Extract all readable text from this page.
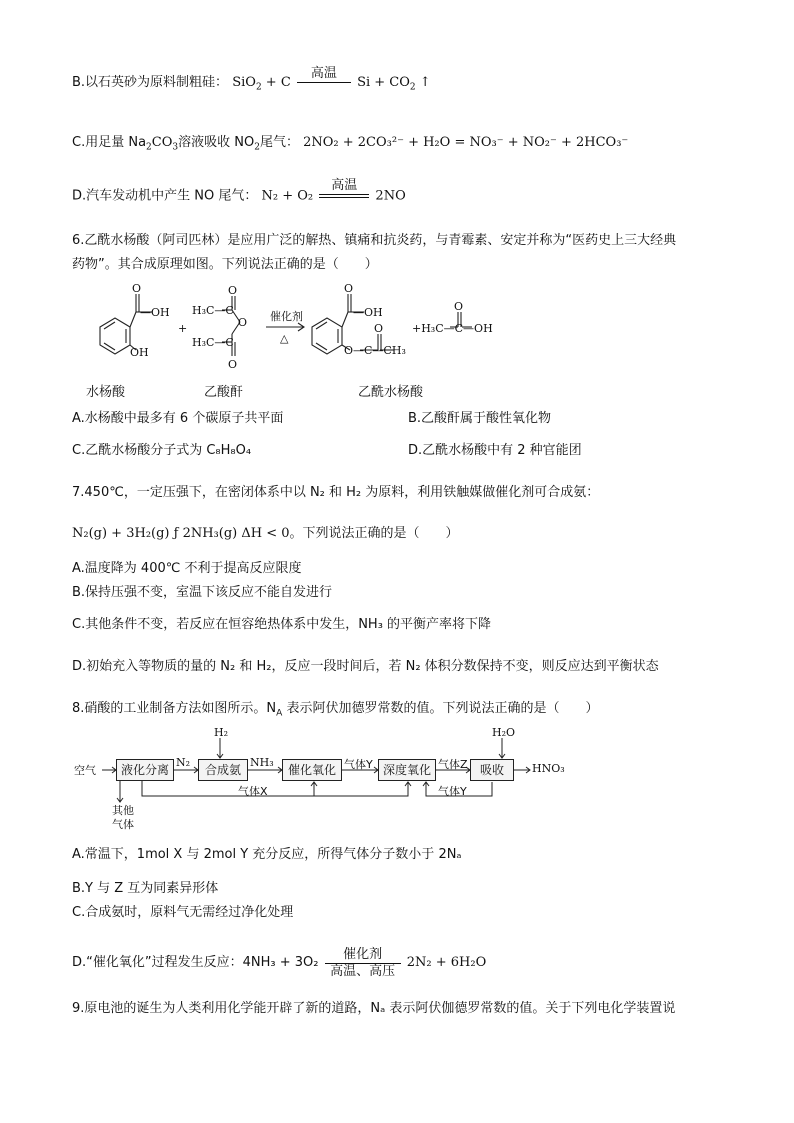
B.以石英砂为原料制粗硅： SiO$_2$ + C
高温
$Si + CO_2$ ↑
C.用足量 $Na_2CO_3$溶液吸收 $NO_2$尾气： 2NO₂ + 2CO₃²⁻ + H₂O = NO₃⁻ + NO₂⁻ + 2HCO₃⁻
D.汽车发动机中产生 NO 尾气： N₂ + O₂
高温
2NO
6.乙酰水杨酸（阿司匹林）是应用广泛的解热、镇痛和抗炎药，与青霉素、安定并称为“医药史上三大经典
药物”。其合成原理如图。下列说法正确的是（　　）
O
—OH
OH
+
O
H₃C—C
O
H₃C—C
O
O
—OH
O—C—CH₃
O	+H₃C—C—OH
O
催化剂
△
水杨酸	乙酸酐	乙酰水杨酸
A.水杨酸中最多有 6 个碳原子共平面	B.乙酸酐属于酸性氧化物
C.乙酰水杨酸分子式为 C₈H₈O₄	D.乙酰水杨酸中有 2 种官能团
7.450℃，一定压强下，在密闭体系中以 N₂ 和 H₂ 为原料，利用铁触媒做催化剂可合成氨：
N₂(g) + 3H₂(g) ƒ 2NH₃(g) ΔH < 0。下列说法正确的是（　　）
A.温度降为 400℃ 不利于提高反应限度
B.保持压强不变，室温下该反应不能自发进行
C.其他条件不变，若反应在恒容绝热体系中发生，NH₃ 的平衡产率将下降
D.初始充入等物质的量的 N₂ 和 H₂，反应一段时间后，若 N₂ 体积分数保持不变，则反应达到平衡状态
8.硝酸的工业制备方法如图所示。$N_A$ 表示阿伏加德罗常数的值。下列说法正确的是（　　）
液化分离	合成氨	催化氧化	深度氧化	吸收
空气
N₂
H₂
NH₃	气体Y	气体Z
H₂O
HNO₃
气体X	气体Y
其他
气体
A.常温下，1mol X 与 2mol Y 充分反应，所得气体分子数小于 2Nₐ
B.Y 与 Z 互为同素异形体
C.合成氨时，原料气无需经过净化处理
D.“催化氧化”过程发生反应：4NH₃ + 3O₂
催化剂
高温、高压
2N₂ + 6H₂O
9.原电池的诞生为人类利用化学能开辟了新的道路，Nₐ 表示阿伏伽德罗常数的值。关于下列电化学装置说
